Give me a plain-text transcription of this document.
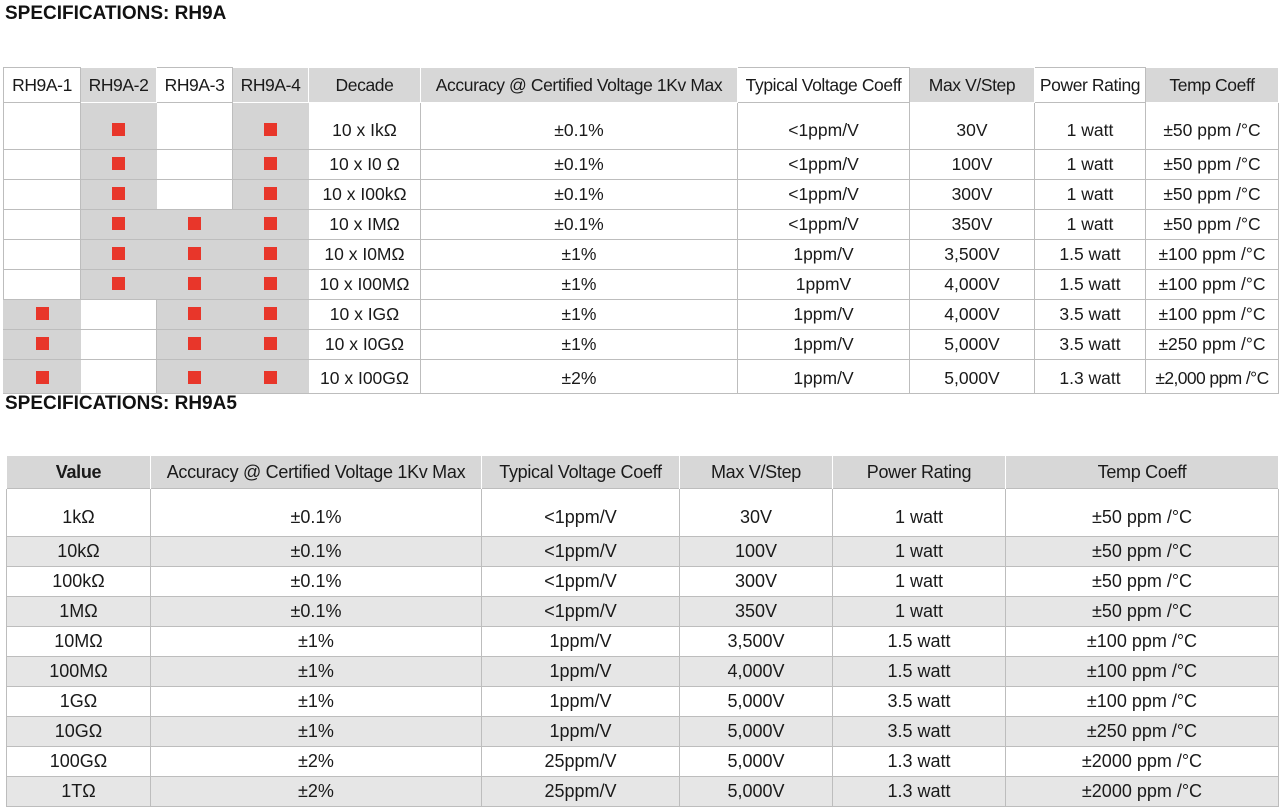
SPECIFICATIONS: RH9A
RH9A-1	RH9A-2	RH9A-3	RH9A-4	Decade	Accuracy @ Certified Voltage 1Kv Max	Typical Voltage Coeff	Max V/Step	Power Rating	Temp Coeff
				10 x IkΩ	±0.1%	<1ppm/V	30V	1 watt	±50 ppm /°C
				10 x I0 Ω	±0.1%	<1ppm/V	100V	1 watt	±50 ppm /°C
				10 x I00kΩ	±0.1%	<1ppm/V	300V	1 watt	±50 ppm /°C
				10 x IMΩ	±0.1%	<1ppm/V	350V	1 watt	±50 ppm /°C
				10 x I0MΩ	±1%	1ppm/V	3,500V	1.5 watt	±100 ppm /°C
				10 x I00MΩ	±1%	1ppmV	4,000V	1.5 watt	±100 ppm /°C
				10 x IGΩ	±1%	1ppm/V	4,000V	3.5 watt	±100 ppm /°C
				10 x I0GΩ	±1%	1ppm/V	5,000V	3.5 watt	±250 ppm /°C
				10 x I00GΩ	±2%	1ppm/V	5,000V	1.3 watt	±2,000 ppm /°C
SPECIFICATIONS: RH9A5
Value	Accuracy @ Certified Voltage 1Kv Max	Typical Voltage Coeff	Max V/Step	Power Rating	Temp Coeff
1kΩ	±0.1%	<1ppm/V	30V	1 watt	±50 ppm /°C
10kΩ	±0.1%	<1ppm/V	100V	1 watt	±50 ppm /°C
100kΩ	±0.1%	<1ppm/V	300V	1 watt	±50 ppm /°C
1MΩ	±0.1%	<1ppm/V	350V	1 watt	±50 ppm /°C
10MΩ	±1%	1ppm/V	3,500V	1.5 watt	±100 ppm /°C
100MΩ	±1%	1ppm/V	4,000V	1.5 watt	±100 ppm /°C
1GΩ	±1%	1ppm/V	5,000V	3.5 watt	±100 ppm /°C
10GΩ	±1%	1ppm/V	5,000V	3.5 watt	±250 ppm /°C
100GΩ	±2%	25ppm/V	5,000V	1.3 watt	±2000 ppm /°C
1TΩ	±2%	25ppm/V	5,000V	1.3 watt	±2000 ppm /°C
